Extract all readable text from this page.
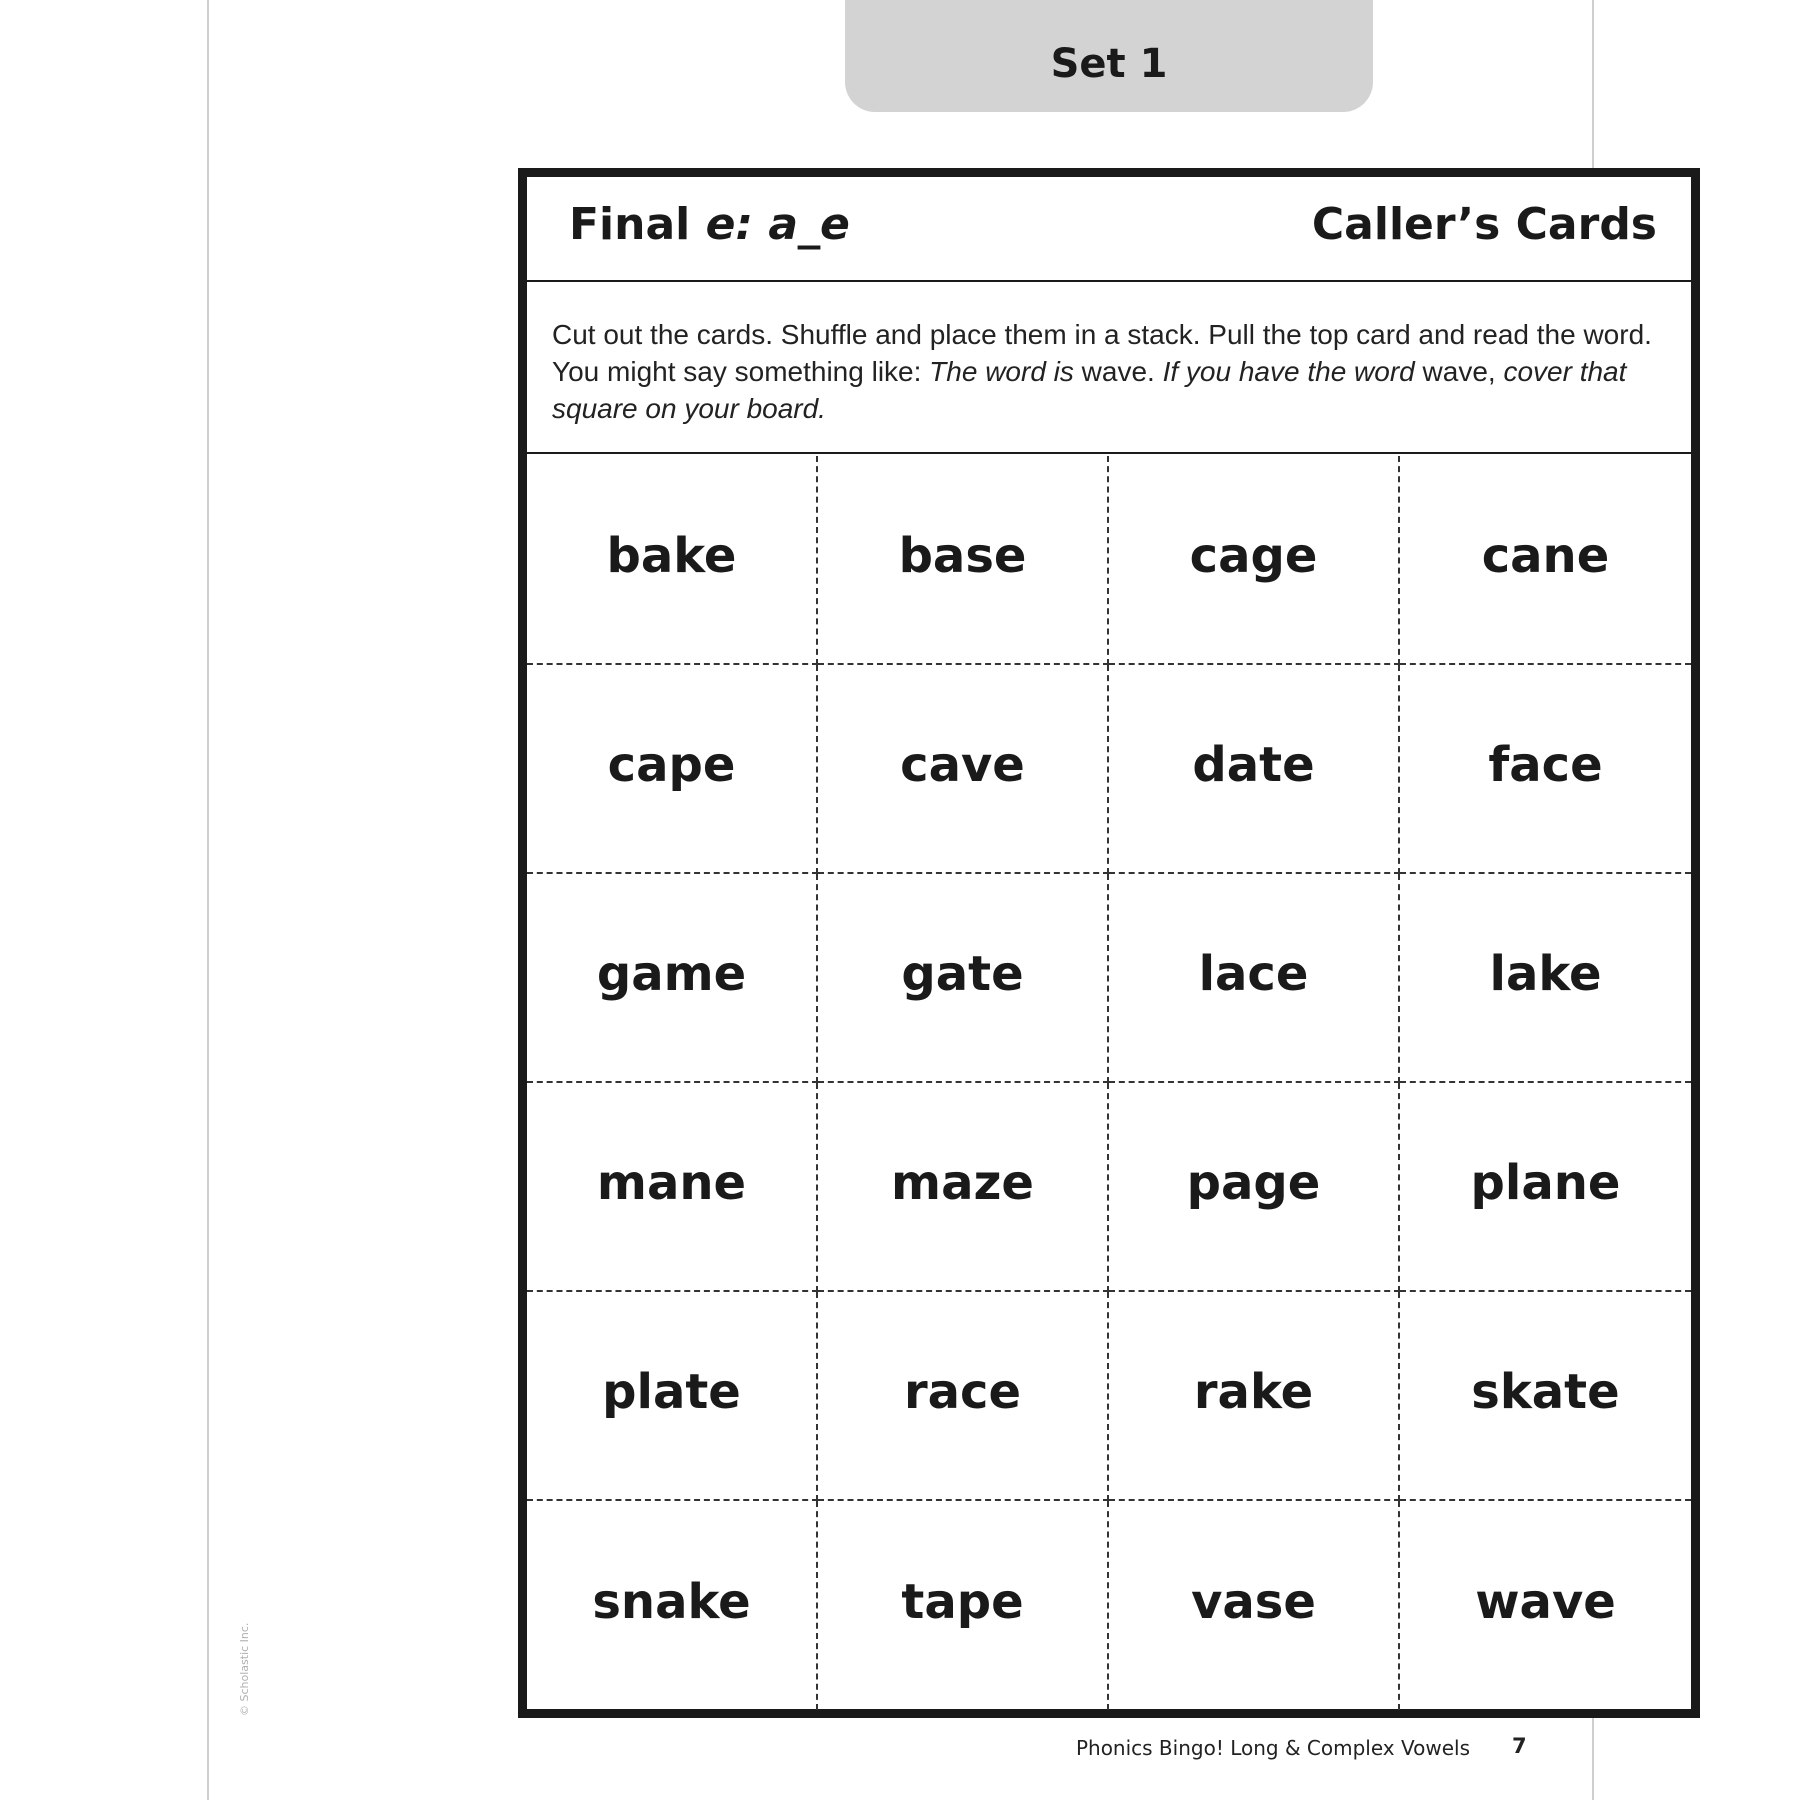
Set 1
Final e: a_e	Caller’s Cards
Cut out the cards. Shuffle and place them in a stack. Pull the top card and read the word. You might say something like: The word is wave. If you have the word wave, cover that square on your board.
bake	base	cage	cane
cape	cave	date	face
game	gate	lace	lake
mane	maze	page	plane
plate	race	rake	skate
snake	tape	vase	wave
© Scholastic Inc.
Phonics Bingo! Long & Complex Vowels 7
